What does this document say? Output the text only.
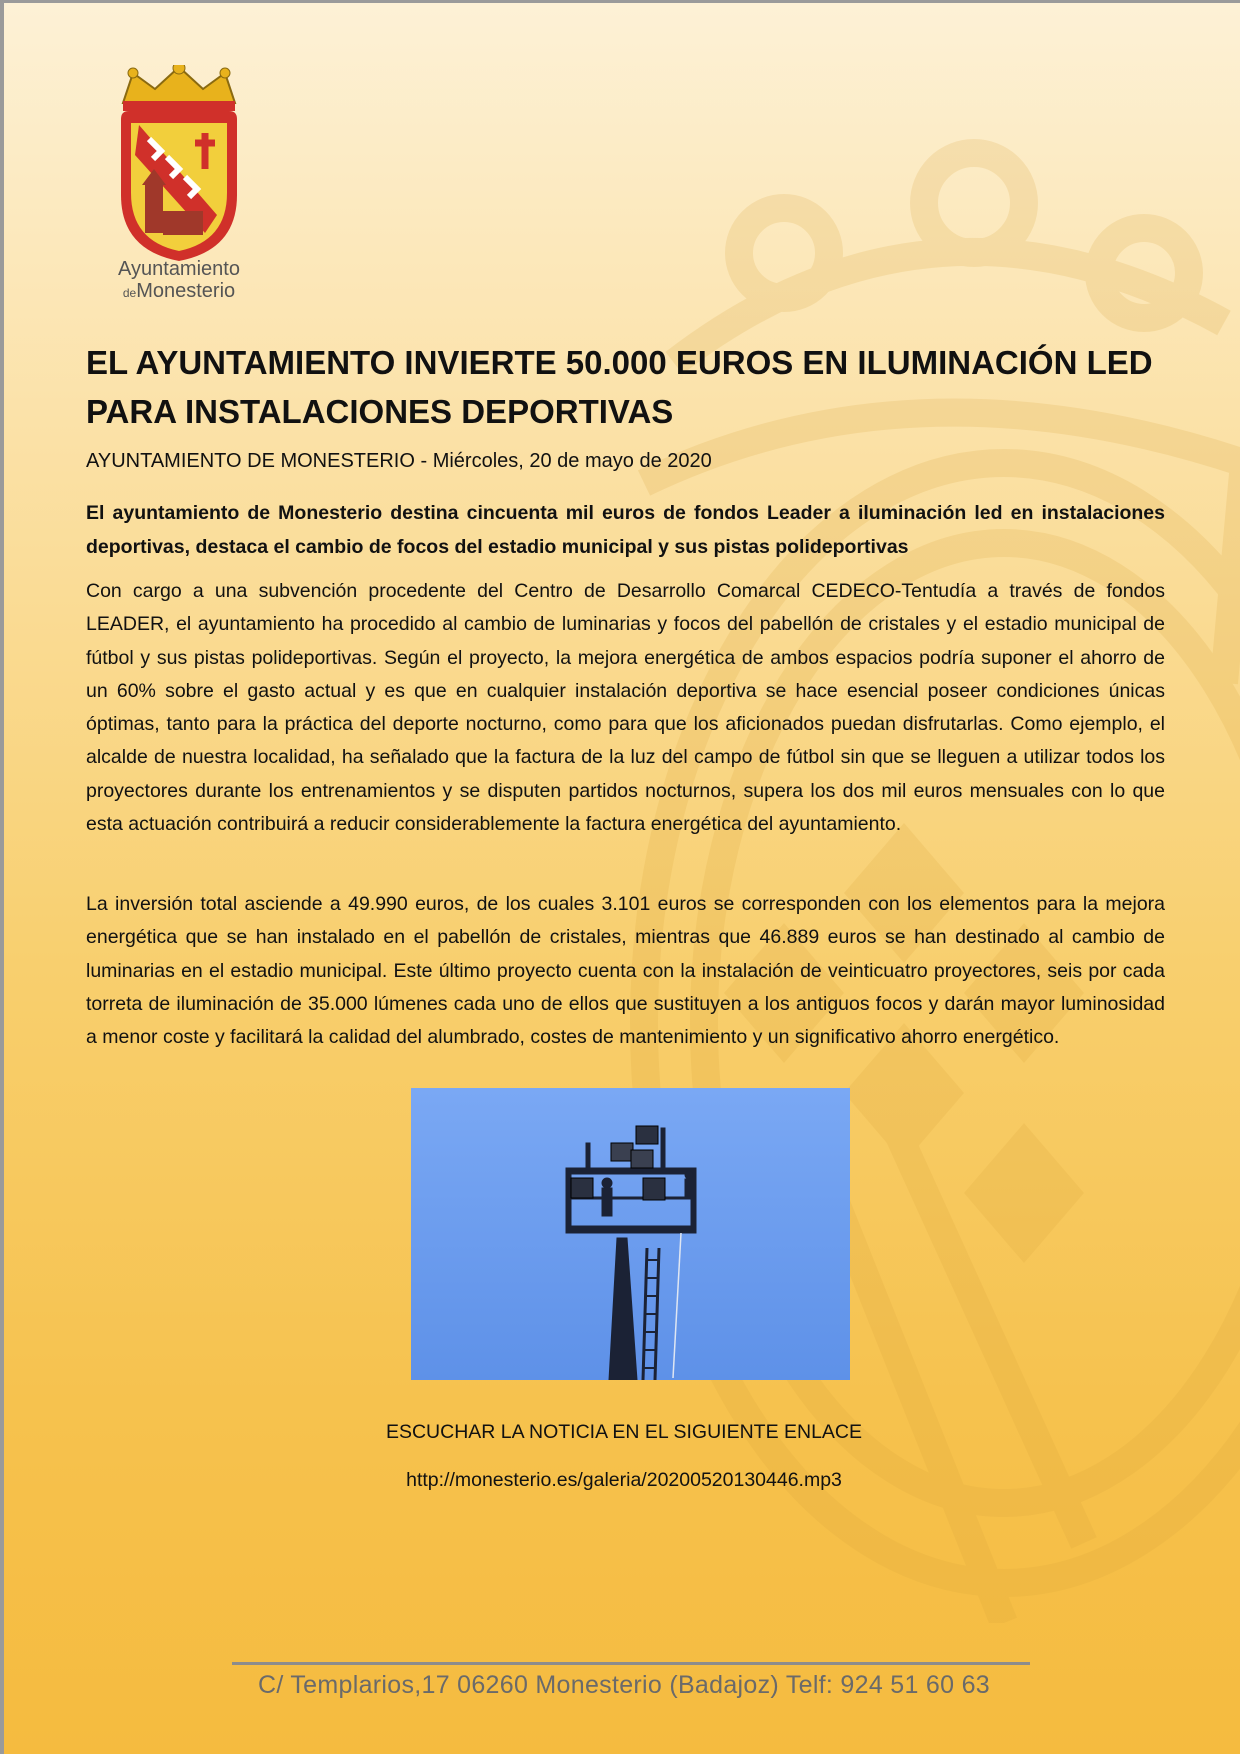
Ayuntamiento
deMonesterio
EL AYUNTAMIENTO INVIERTE 50.000 EUROS EN ILUMINACIÓN LED PARA INSTALACIONES DEPORTIVAS
AYUNTAMIENTO DE MONESTERIO - Miércoles, 20 de mayo de 2020
El ayuntamiento de Monesterio destina cincuenta mil euros de fondos Leader a iluminación led en instalaciones deportivas, destaca el cambio de focos del estadio municipal y sus pistas polideportivas
Con cargo a una subvención procedente del Centro de Desarrollo Comarcal CEDECO-Tentudía a través de fondos LEADER, el ayuntamiento ha procedido al cambio de luminarias y focos del pabellón de cristales y el estadio municipal de fútbol y sus pistas polideportivas. Según el proyecto, la mejora energética de ambos espacios podría suponer el ahorro de un 60% sobre el gasto actual y es que en cualquier instalación deportiva se hace esencial poseer condiciones únicas óptimas, tanto para la práctica del deporte nocturno, como para que los aficionados puedan disfrutarlas. Como ejemplo, el alcalde de nuestra localidad, ha señalado que la factura de la luz del campo de fútbol sin que se lleguen a utilizar todos los proyectores durante los entrenamientos y se disputen partidos nocturnos, supera los dos mil euros mensuales con lo que esta actuación contribuirá a reducir considerablemente la factura energética del ayuntamiento.
La inversión total asciende a 49.990 euros, de los cuales 3.101 euros se corresponden con los elementos para la mejora energética que se han instalado en el pabellón de cristales, mientras que 46.889 euros se han destinado al cambio de luminarias en el estadio municipal. Este último proyecto cuenta con la instalación de veinticuatro proyectores, seis por cada torreta de iluminación de 35.000 lúmenes cada uno de ellos que sustituyen a los antiguos focos y darán mayor luminosidad a menor coste y facilitará la calidad del alumbrado, costes de mantenimiento y un significativo ahorro energético.
ESCUCHAR LA NOTICIA EN EL SIGUIENTE ENLACE
http://monesterio.es/galeria/20200520130446.mp3
C/ Templarios,17 06260 Monesterio (Badajoz) Telf: 924 51 60 63
